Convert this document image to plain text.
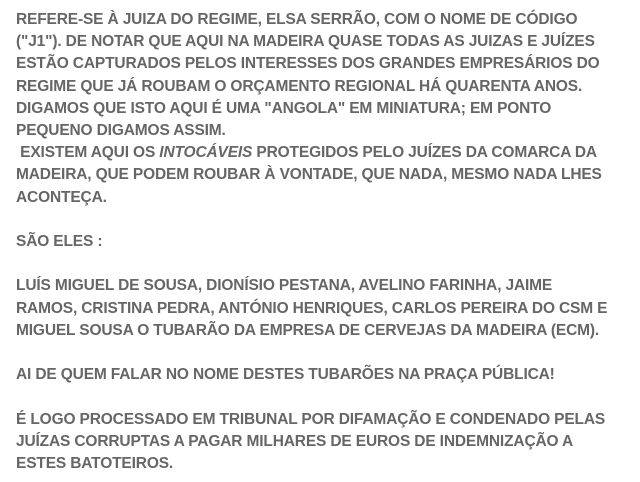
REFERE-SE À JUIZA DO REGIME, ELSA SERRÃO, COM O NOME DE CÓDIGO
("J1"). DE NOTAR QUE AQUI NA MADEIRA QUASE TODAS AS JUIZAS E JUÍZES
ESTÃO CAPTURADOS PELOS INTERESSES DOS GRANDES EMPRESÁRIOS DO
REGIME QUE JÁ ROUBAM O ORÇAMENTO REGIONAL HÁ QUARENTA ANOS.
DIGAMOS QUE ISTO AQUI É UMA "ANGOLA" EM MINIATURA; EM PONTO
PEQUENO DIGAMOS ASSIM.
EXISTEM AQUI OS INTOCÁVEIS PROTEGIDOS PELO JUÍZES DA COMARCA DA
MADEIRA, QUE PODEM ROUBAR À VONTADE, QUE NADA, MESMO NADA LHES
ACONTEÇA.

SÃO ELES :

LUÍS MIGUEL DE SOUSA, DIONÍSIO PESTANA, AVELINO FARINHA, JAIME
RAMOS, CRISTINA PEDRA, ANTÓNIO HENRIQUES, CARLOS PEREIRA DO CSM E
MIGUEL SOUSA O TUBARÃO DA EMPRESA DE CERVEJAS DA MADEIRA (ECM).

AI DE QUEM FALAR NO NOME DESTES TUBARÕES NA PRAÇA PÚBLICA!

É LOGO PROCESSADO EM TRIBUNAL POR DIFAMAÇÃO E CONDENADO PELAS
JUÍZAS CORRUPTAS A PAGAR MILHARES DE EUROS DE INDEMNIZAÇÃO A
ESTES BATOTEIROS.
